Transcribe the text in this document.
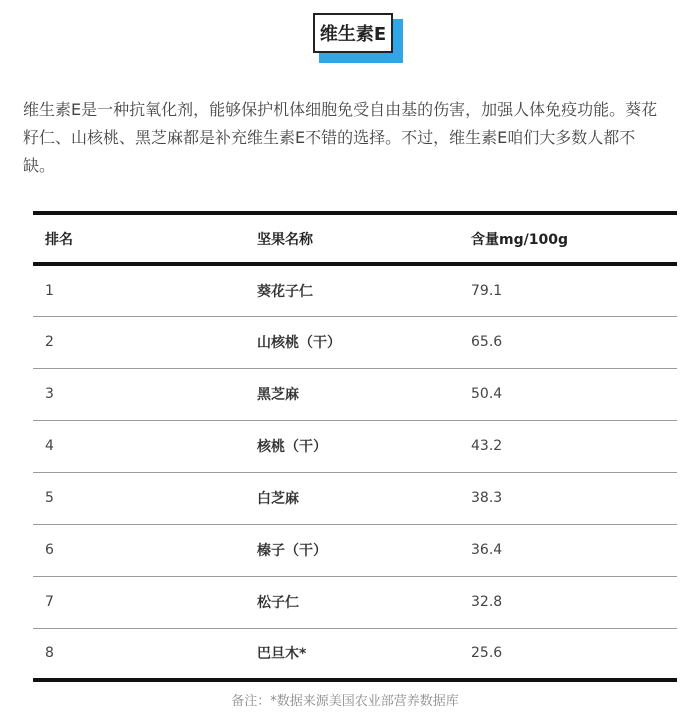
维生素E

维生素E是一种抗氧化剂，能够保护机体细胞免受自由基的伤害，加强人体免疫功能。葵花籽仁、山核桃、黑芝麻都是补充维生素E不错的选择。不过，维生素E咱们大多数人都不缺。

排名	坚果名称	含量mg/100g
1	葵花子仁	79.1
2	山核桃（干）	65.6
3	黑芝麻	50.4
4	核桃（干）	43.2
5	白芝麻	38.3
6	榛子（干）	36.4
7	松子仁	32.8
8	巴旦木*	25.6
备注：*数据来源美国农业部营养数据库
